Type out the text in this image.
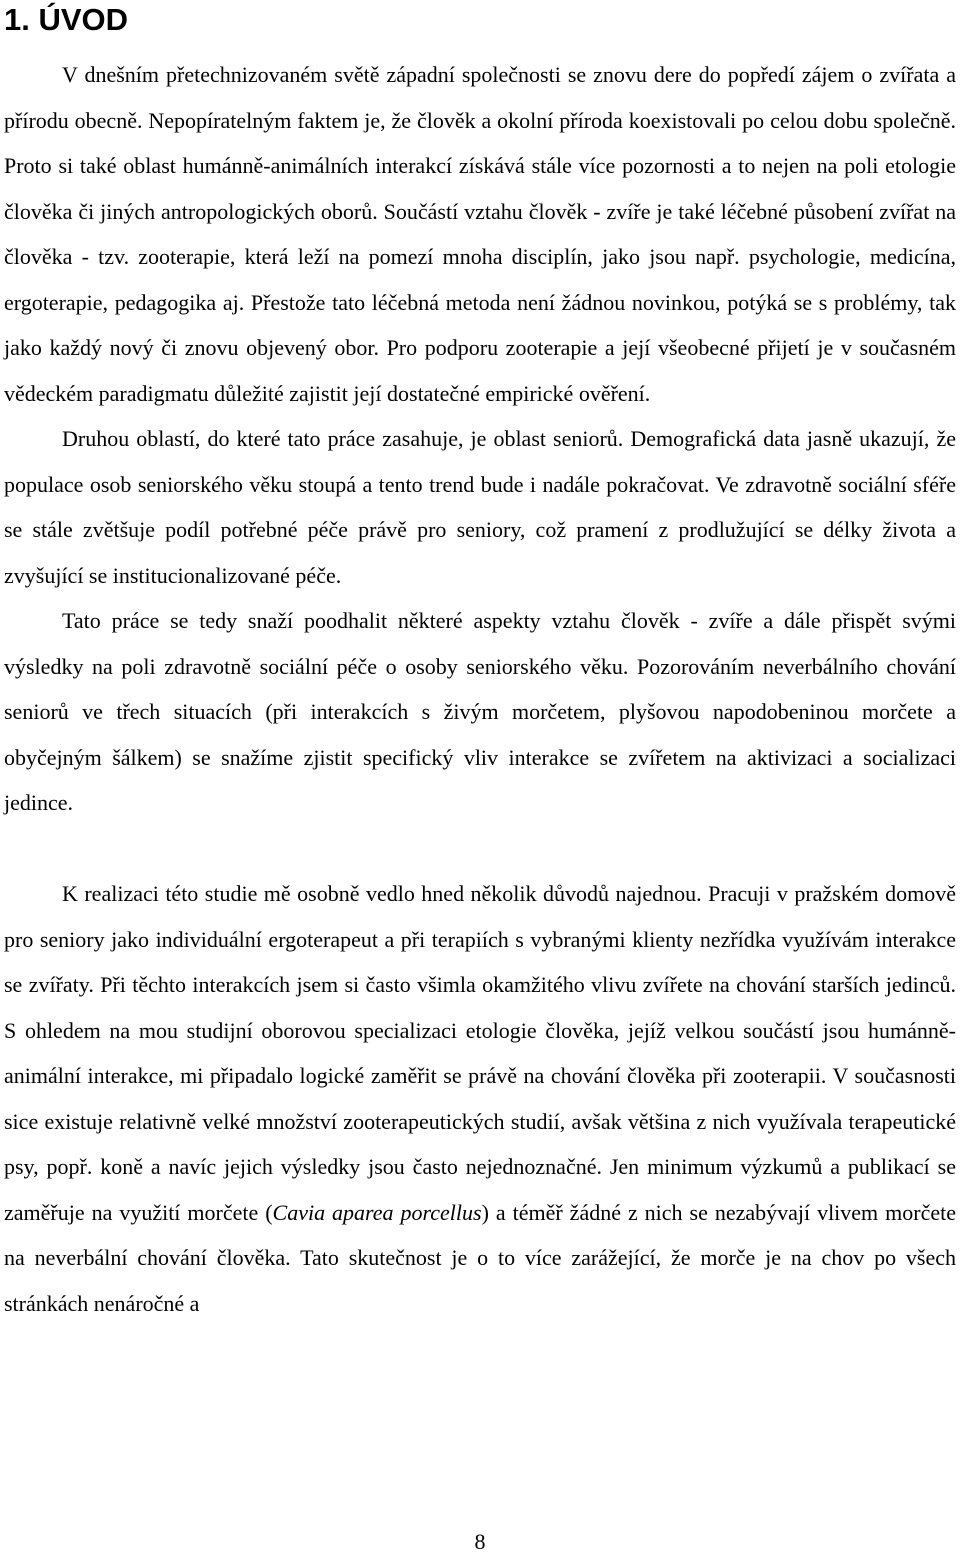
1. ÚVOD

V dnešním přetechnizovaném světě západní společnosti se znovu dere do popředí zájem o zvířata a přírodu obecně. Nepopíratelným faktem je, že člověk a okolní příroda koexistovali po celou dobu společně. Proto si také oblast humánně-animálních interakcí získává stále více pozornosti a to nejen na poli etologie člověka či jiných antropologických oborů. Součástí vztahu člověk - zvíře je také léčebné působení zvířat na člověka - tzv. zooterapie, která leží na pomezí mnoha disciplín, jako jsou např. psychologie, medicína, ergoterapie, pedagogika aj. Přestože tato léčebná metoda není žádnou novinkou, potýká se s problémy, tak jako každý nový či znovu objevený obor. Pro podporu zooterapie a její všeobecné přijetí je v současném vědeckém paradigmatu důležité zajistit její dostatečné empirické ověření.

Druhou oblastí, do které tato práce zasahuje, je oblast seniorů. Demografická data jasně ukazují, že populace osob seniorského věku stoupá a tento trend bude i nadále pokračovat. Ve zdravotně sociální sféře se stále zvětšuje podíl potřebné péče právě pro seniory, což pramení z prodlužující se délky života a zvyšující se institucionalizované péče.

Tato práce se tedy snaží poodhalit některé aspekty vztahu člověk - zvíře a dále přispět svými výsledky na poli zdravotně sociální péče o osoby seniorského věku. Pozorováním neverbálního chování seniorů ve třech situacích (při interakcích s živým morčetem, plyšovou napodobeninou morčete a obyčejným šálkem) se snažíme zjistit specifický vliv interakce se zvířetem na aktivizaci a socializaci jedince.

K realizaci této studie mě osobně vedlo hned několik důvodů najednou. Pracuji v pražském domově pro seniory jako individuální ergoterapeut a při terapiích s vybranými klienty nezřídka využívám interakce se zvířaty. Při těchto interakcích jsem si často všimla okamžitého vlivu zvířete na chování starších jedinců. S ohledem na mou studijní oborovou specializaci etologie člověka, jejíž velkou součástí jsou humánně-animální interakce, mi připadalo logické zaměřit se právě na chování člověka při zooterapii. V současnosti sice existuje relativně velké množství zooterapeutických studií, avšak většina z nich využívala terapeutické psy, popř. koně a navíc jejich výsledky jsou často nejednoznačné. Jen minimum výzkumů a publikací se zaměřuje na využití morčete (Cavia aparea porcellus) a téměř žádné z nich se nezabývají vlivem morčete na neverbální chování člověka. Tato skutečnost je o to více zarážející, že morče je na chov po všech stránkách nenáročné a

8
